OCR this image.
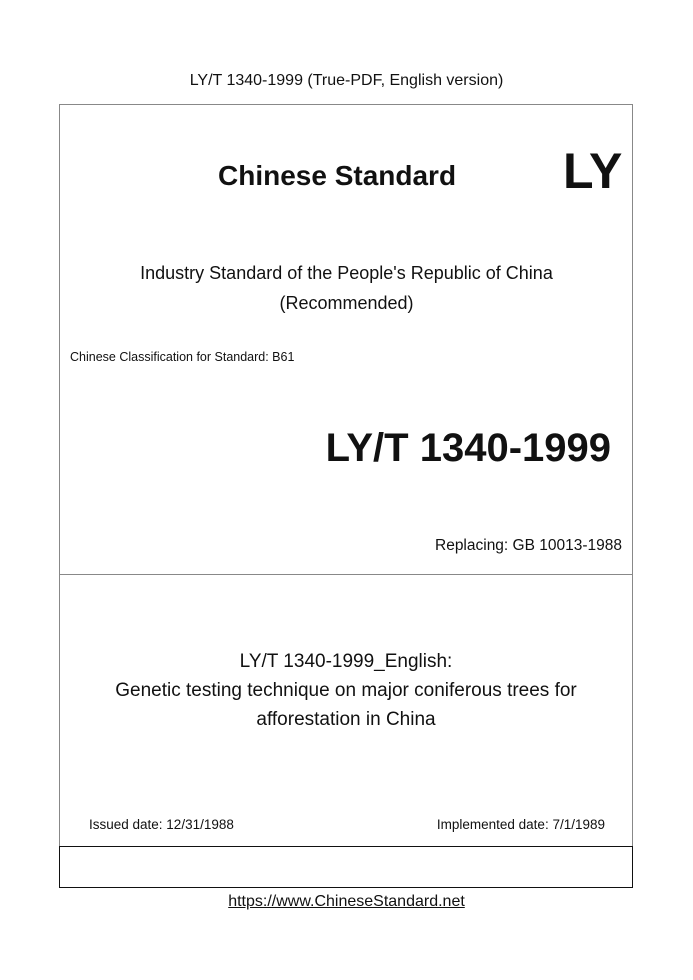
LY/T 1340-1999 (True-PDF, English version)
Chinese Standard LY
Industry Standard of the People's Republic of China
(Recommended)
Chinese Classification for Standard: B61
LY/T 1340-1999
Replacing: GB 10013-1988
LY/T 1340-1999_English:
Genetic testing technique on major coniferous trees for
afforestation in China
Issued date: 12/31/1988	Implemented date: 7/1/1989
https://www.ChineseStandard.net
